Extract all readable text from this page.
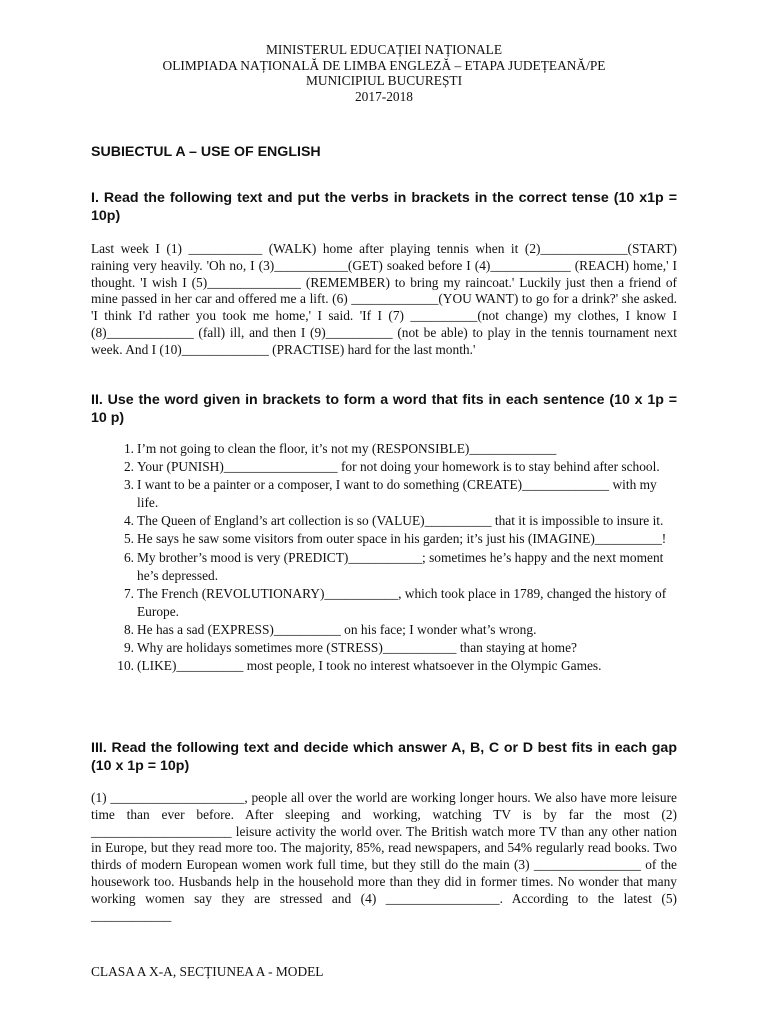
MINISTERUL EDUCAȚIEI NAȚIONALE
OLIMPIADA NAȚIONALĂ DE LIMBA ENGLEZĂ – ETAPA JUDEȚEANĂ/PE
MUNICIPIUL BUCUREȘTI
2017-2018
SUBIECTUL A – USE OF ENGLISH
I. Read the following text and put the verbs in brackets in the correct tense (10 x1p = 10p)

Last week I (1) ___________ (WALK) home after playing tennis when it (2)_____________(START) raining very heavily. 'Oh no, I (3)___________(GET) soaked before I (4)____________ (REACH) home,' I thought. 'I wish I (5)______________ (REMEMBER) to bring my raincoat.' Luckily just then a friend of mine passed in her car and offered me a lift. (6) _____________(YOU WANT) to go for a drink?' she asked. 'I think I'd rather you took me home,' I said. 'If I (7) __________(not change) my clothes, I know I (8)_____________ (fall) ill, and then I (9)__________ (not be able) to play in the tennis tournament next week. And I (10)_____________ (PRACTISE) hard for the last month.'

II. Use the word given in brackets to form a word that fits in each sentence (10 x 1p = 10 p)
1. I’m not going to clean the floor, it’s not my (RESPONSIBLE)_____________
2. Your (PUNISH)_________________ for not doing your homework is to stay behind after school.
3. I want to be a painter or a composer, I want to do something (CREATE)_____________ with my life.
4. The Queen of England’s art collection is so (VALUE)__________ that it is impossible to insure it.
5. He says he saw some visitors from outer space in his garden; it’s just his (IMAGINE)__________!
6. My brother’s mood is very (PREDICT)___________; sometimes he’s happy and the next moment he’s depressed.
7. The French (REVOLUTIONARY)___________, which took place in 1789, changed the history of Europe.
8. He has a sad (EXPRESS)__________ on his face; I wonder what’s wrong.
9. Why are holidays sometimes more (STRESS)___________ than staying at home?
10. (LIKE)__________ most people, I took no interest whatsoever in the Olympic Games.
III. Read the following text and decide which answer A, B, C or D best fits in each gap (10 x 1p = 10p)

(1) ____________________, people all over the world are working longer hours. We also have more leisure time than ever before. After sleeping and working, watching TV is by far the most (2) _____________________ leisure activity the world over. The British watch more TV than any other nation in Europe, but they read more too. The majority, 85%, read newspapers, and 54% regularly read books. Two thirds of modern European women work full time, but they still do the main (3) ________________ of the housework too. Husbands help in the household more than they did in former times. No wonder that many working women say they are stressed and (4) _________________. According to the latest (5) ____________

CLASA A X-A, SECȚIUNEA A - MODEL
